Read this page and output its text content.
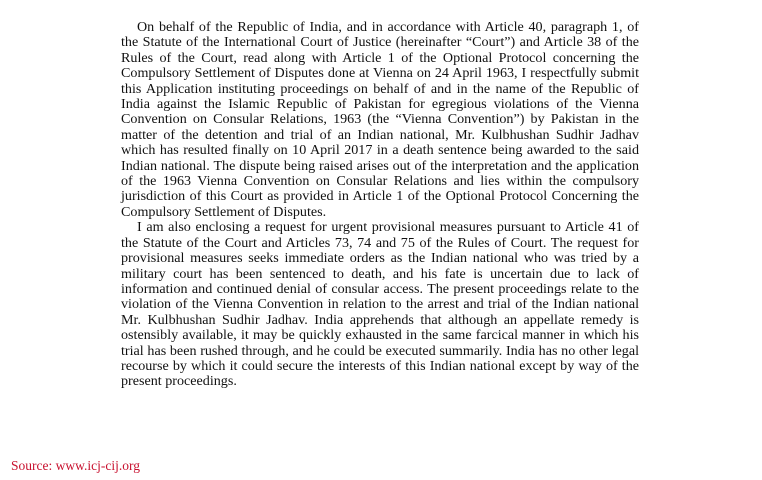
On behalf of the Republic of India, and in accordance with Article 40, paragraph 1, of the Statute of the International Court of Justice (hereinafter “Court”) and Article 38 of the Rules of the Court, read along with Article 1 of the Optional Protocol concerning the Compulsory Settlement of Disputes done at Vienna on 24 April 1963, I respectfully submit this Application instituting proceedings on behalf of and in the name of the Republic of India against the Islamic Republic of Pakistan for egregious violations of the Vienna Convention on Consular Relations, 1963 (the “Vienna Convention”) by Pakistan in the matter of the detention and trial of an Indian national, Mr. Kulbhushan Sudhir Jadhav which has resulted finally on 10 April 2017 in a death sentence being awarded to the said Indian national. The dispute being raised arises out of the interpretation and the application of the 1963 Vienna Convention on Consular Relations and lies within the compulsory jurisdiction of this Court as provided in Article 1 of the Optional Protocol Concerning the Compulsory Settlement of Disputes.

I am also enclosing a request for urgent provisional measures pursuant to Article 41 of the Statute of the Court and Articles 73, 74 and 75 of the Rules of Court. The request for provisional measures seeks immediate orders as the Indian national who was tried by a military court has been sentenced to death, and his fate is uncertain due to lack of information and continued denial of consular access. The present proceedings relate to the violation of the Vienna Convention in relation to the arrest and trial of the Indian national Mr. Kulbhushan Sudhir Jadhav. India apprehends that although an appellate remedy is ostensibly available, it may be quickly exhausted in the same farcical manner in which his trial has been rushed through, and he could be executed summarily. India has no other legal recourse by which it could secure the interests of this Indian national except by way of the present proceedings.

Source: www.icj-cij.org
